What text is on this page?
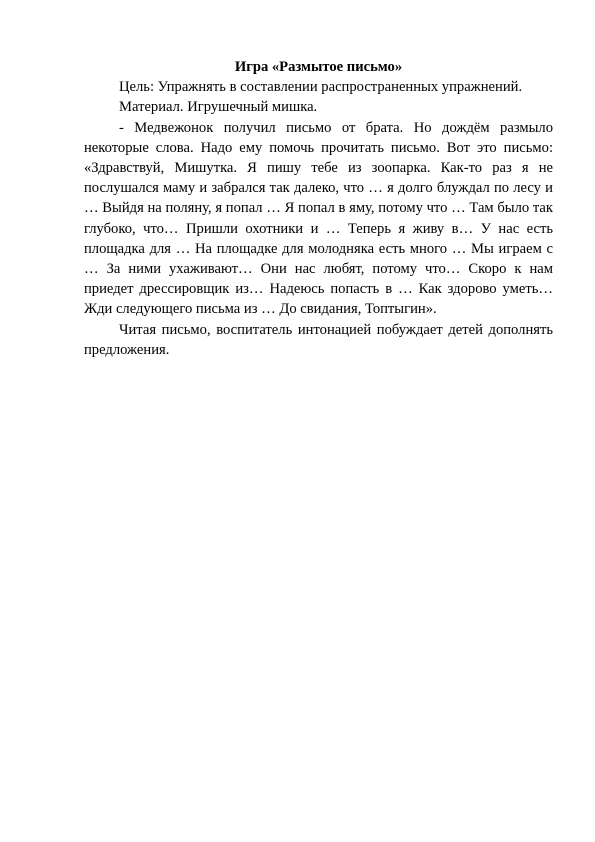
Игра «Размытое письмо»

Цель: Упражнять в составлении распространенных упражнений.

Материал. Игрушечный мишка.

- Медвежонок получил письмо от брата. Но дождём размыло некоторые слова. Надо ему помочь прочитать письмо. Вот это письмо: «Здравствуй, Мишутка. Я пишу тебе из зоопарка. Как-то раз я не послушался маму и забрался так далеко, что … я долго блуждал по лесу и … Выйдя на поляну, я попал … Я попал в яму, потому что … Там было так глубоко, что… Пришли охотники и … Теперь я живу в… У нас есть площадка для … На площадке для молодняка есть много … Мы играем с … За ними ухаживают… Они нас любят, потому что… Скоро к нам приедет дрессировщик из… Надеюсь попасть в … Как здорово уметь… Жди следующего письма из … До свидания, Топтыгин».

Читая письмо, воспитатель интонацией побуждает детей дополнять предложения.
